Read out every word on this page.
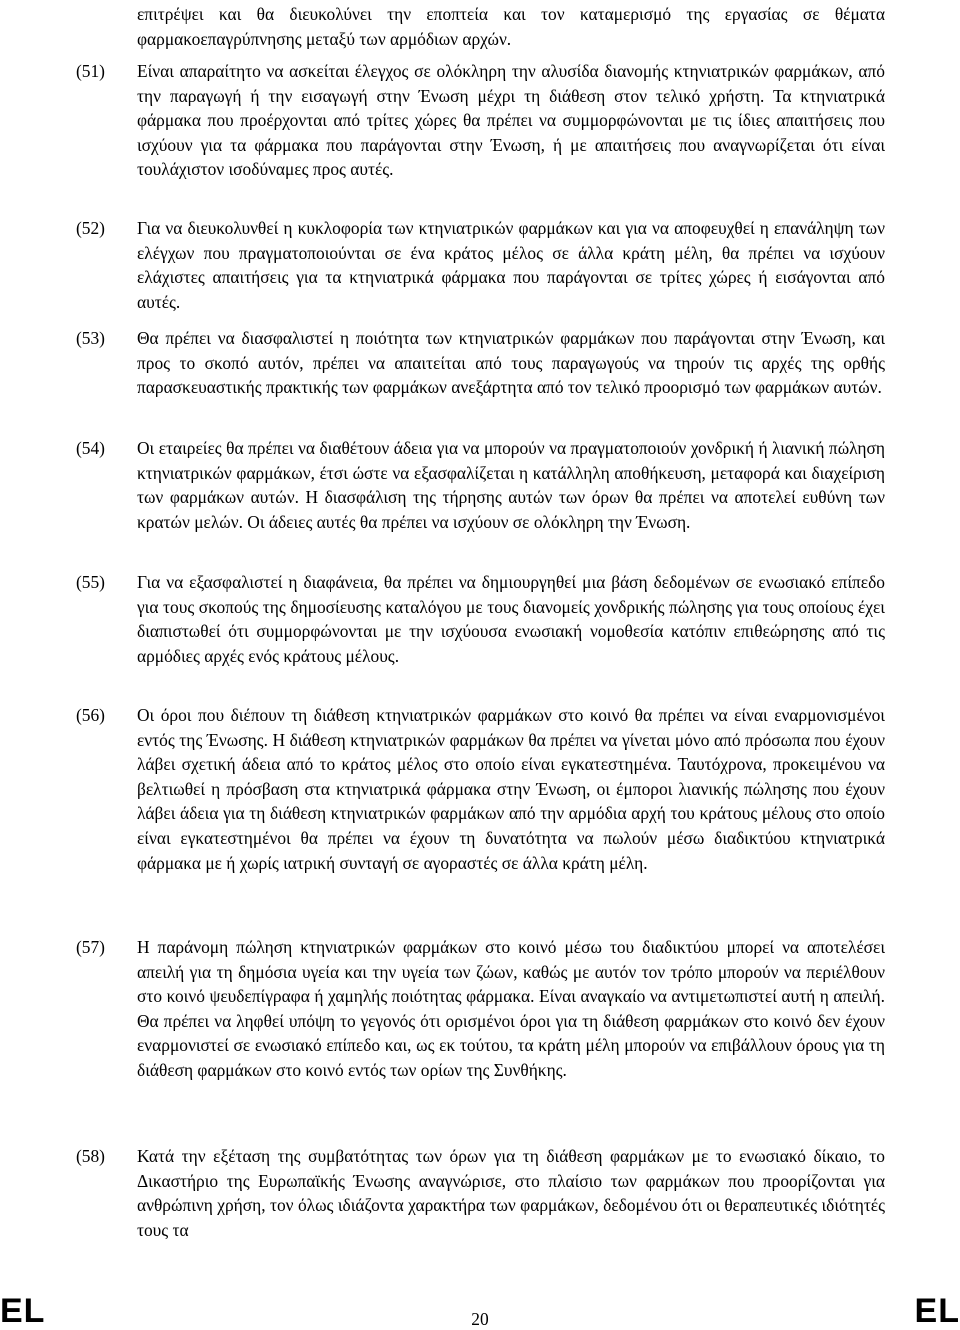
επιτρέψει και θα διευκολύνει την εποπτεία και τον καταμερισμό της εργασίας σε θέματα φαρμακοεπαγρύπνησης μεταξύ των αρμόδιων αρχών.
(51) Είναι απαραίτητο να ασκείται έλεγχος σε ολόκληρη την αλυσίδα διανομής κτηνιατρικών φαρμάκων, από την παραγωγή ή την εισαγωγή στην Ένωση μέχρι τη διάθεση στον τελικό χρήστη. Τα κτηνιατρικά φάρμακα που προέρχονται από τρίτες χώρες θα πρέπει να συμμορφώνονται με τις ίδιες απαιτήσεις που ισχύουν για τα φάρμακα που παράγονται στην Ένωση, ή με απαιτήσεις που αναγνωρίζεται ότι είναι τουλάχιστον ισοδύναμες προς αυτές.
(52) Για να διευκολυνθεί η κυκλοφορία των κτηνιατρικών φαρμάκων και για να αποφευχθεί η επανάληψη των ελέγχων που πραγματοποιούνται σε ένα κράτος μέλος σε άλλα κράτη μέλη, θα πρέπει να ισχύουν ελάχιστες απαιτήσεις για τα κτηνιατρικά φάρμακα που παράγονται σε τρίτες χώρες ή εισάγονται από αυτές.
(53) Θα πρέπει να διασφαλιστεί η ποιότητα των κτηνιατρικών φαρμάκων που παράγονται στην Ένωση, και προς το σκοπό αυτόν, πρέπει να απαιτείται από τους παραγωγούς να τηρούν τις αρχές της ορθής παρασκευαστικής πρακτικής των φαρμάκων ανεξάρτητα από τον τελικό προορισμό των φαρμάκων αυτών.
(54) Οι εταιρείες θα πρέπει να διαθέτουν άδεια για να μπορούν να πραγματοποιούν χονδρική ή λιανική πώληση κτηνιατρικών φαρμάκων, έτσι ώστε να εξασφαλίζεται η κατάλληλη αποθήκευση, μεταφορά και διαχείριση των φαρμάκων αυτών. Η διασφάλιση της τήρησης αυτών των όρων θα πρέπει να αποτελεί ευθύνη των κρατών μελών. Οι άδειες αυτές θα πρέπει να ισχύουν σε ολόκληρη την Ένωση.
(55) Για να εξασφαλιστεί η διαφάνεια, θα πρέπει να δημιουργηθεί μια βάση δεδομένων σε ενωσιακό επίπεδο για τους σκοπούς της δημοσίευσης καταλόγου με τους διανομείς χονδρικής πώλησης για τους οποίους έχει διαπιστωθεί ότι συμμορφώνονται με την ισχύουσα ενωσιακή νομοθεσία κατόπιν επιθεώρησης από τις αρμόδιες αρχές ενός κράτους μέλους.
(56) Οι όροι που διέπουν τη διάθεση κτηνιατρικών φαρμάκων στο κοινό θα πρέπει να είναι εναρμονισμένοι εντός της Ένωσης. Η διάθεση κτηνιατρικών φαρμάκων θα πρέπει να γίνεται μόνο από πρόσωπα που έχουν λάβει σχετική άδεια από το κράτος μέλος στο οποίο είναι εγκατεστημένα. Ταυτόχρονα, προκειμένου να βελτιωθεί η πρόσβαση στα κτηνιατρικά φάρμακα στην Ένωση, οι έμποροι λιανικής πώλησης που έχουν λάβει άδεια για τη διάθεση κτηνιατρικών φαρμάκων από την αρμόδια αρχή του κράτους μέλους στο οποίο είναι εγκατεστημένοι θα πρέπει να έχουν τη δυνατότητα να πωλούν μέσω διαδικτύου κτηνιατρικά φάρμακα με ή χωρίς ιατρική συνταγή σε αγοραστές σε άλλα κράτη μέλη.
(57) Η παράνομη πώληση κτηνιατρικών φαρμάκων στο κοινό μέσω του διαδικτύου μπορεί να αποτελέσει απειλή για τη δημόσια υγεία και την υγεία των ζώων, καθώς με αυτόν τον τρόπο μπορούν να περιέλθουν στο κοινό ψευδεπίγραφα ή χαμηλής ποιότητας φάρμακα. Είναι αναγκαίο να αντιμετωπιστεί αυτή η απειλή. Θα πρέπει να ληφθεί υπόψη το γεγονός ότι ορισμένοι όροι για τη διάθεση φαρμάκων στο κοινό δεν έχουν εναρμονιστεί σε ενωσιακό επίπεδο και, ως εκ τούτου, τα κράτη μέλη μπορούν να επιβάλλουν όρους για τη διάθεση φαρμάκων στο κοινό εντός των ορίων της Συνθήκης.
(58) Κατά την εξέταση της συμβατότητας των όρων για τη διάθεση φαρμάκων με το ενωσιακό δίκαιο, το Δικαστήριο της Ευρωπαϊκής Ένωσης αναγνώρισε, στο πλαίσιο των φαρμάκων που προορίζονται για ανθρώπινη χρήση, τον όλως ιδιάζοντα χαρακτήρα των φαρμάκων, δεδομένου ότι οι θεραπευτικές ιδιότητές τους τα
EL	20	EL
